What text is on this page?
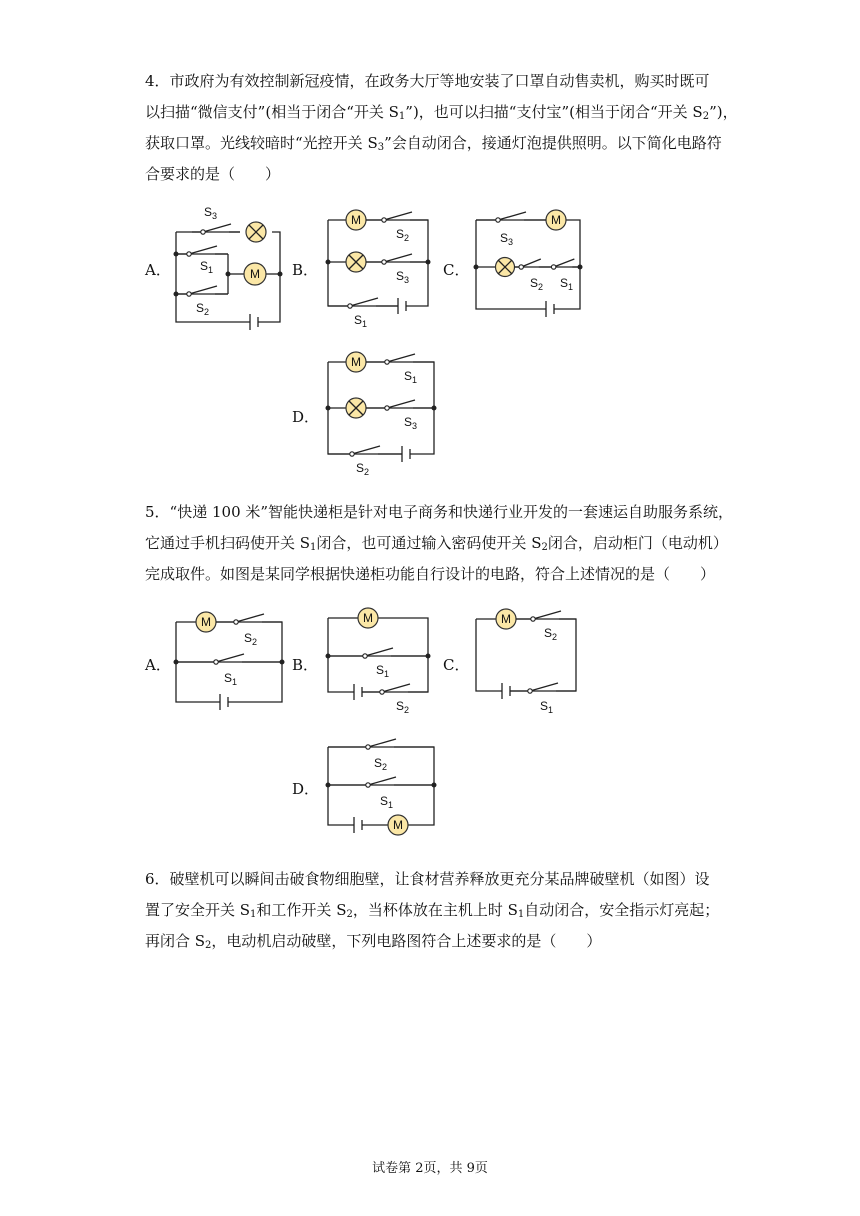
4．市政府为有效控制新冠疫情，在政务大厅等地安装了口罩自动售卖机，购买时既可
以扫描“微信支付”(相当于闭合“开关 $S_1$”)，也可以扫描“支付宝”(相当于闭合“开关 $S_2$”)，
获取口罩。光线较暗时“光控开关 $S_3$”会自动闭合，接通灯泡提供照明。以下简化电路符
合要求的是（　　）
A．	B．	C．
D．
M
$S_3$
$S_1$
$S_2$
M
$S_2$
$S_3$
$S_1$
M
$S_3$
$S_2$ $S_1$
M
$S_1$
$S_3$
$S_2$
5．“快递 100 米”智能快递柜是针对电子商务和快递行业开发的一套速运自助服务系统，
它通过手机扫码使开关 $S_1$闭合，也可通过输入密码使开关 $S_2$闭合，启动柜门（电动机）
完成取件。如图是某同学根据快递柜功能自行设计的电路，符合上述情况的是（　　）
A．	B．	C．
D．
M
$S_2$
$S_1$
M
$S_1$
$S_2$
M
$S_2$
$S_1$
M
$S_2$
$S_1$
6．破壁机可以瞬间击破食物细胞壁，让食材营养释放更充分某品牌破壁机（如图）设
置了安全开关 $S_1$和工作开关 $S_2$，当杯体放在主机上时 $S_1$自动闭合，安全指示灯亮起；
再闭合 $S_2$，电动机启动破壁，下列电路图符合上述要求的是（　　）
试卷第 2页，共 9页
